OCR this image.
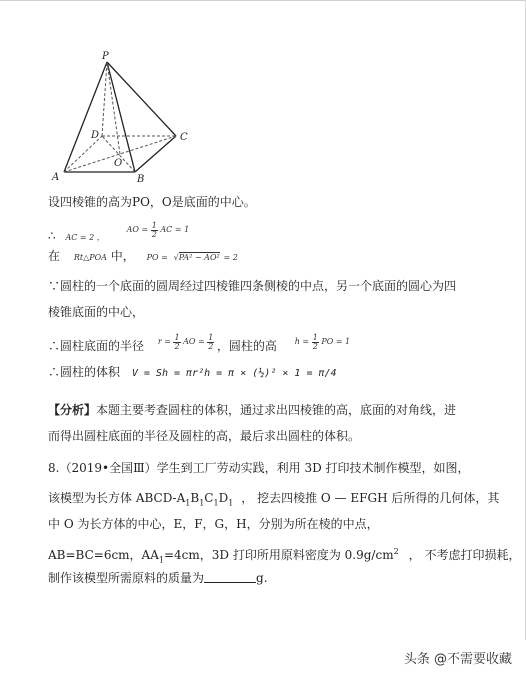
P
D	C
A	B
O
设四棱锥的高为PO，O是底面的中心。
∴ AC = 2 ， $^{AO = \frac{1}{2} AC = 1}$
在 Rt△POA 中， PO = √PA² − AO² = 2
∵圆柱的一个底面的圆周经过四棱锥四条侧棱的中点，另一个底面的圆心为四
棱锥底面的中心，
∴圆柱底面的半径 $^{r = \frac{1}{2} AO = \frac{1}{2}}$ ，圆柱的高 $^{h = \frac{1}{2} PO = 1}$
∴圆柱的体积 V = Sh = πr²h = π × (½)² × 1 = π/4
【分析】本题主要考查圆柱的体积，通过求出四棱锥的高，底面的对角线，进
而得出圆柱底面的半径及圆柱的高，最后求出圆柱的体积。
8.（2019•全国Ⅲ）学生到工厂劳动实践，利用 3D 打印技术制作模型，如图，
该模型为长方体 ABCD-$A_1B_1C_1D_1$ ， 挖去四棱推 O — EFGH 后所得的几何体，其
中 O 为长方体的中心，E，F，G，H，分别为所在棱的中点，
AB=BC=6cm，$AA_1=4cm$，3D 打印所用原料密度为 $0.9g/cm^2$ ， 不考虑打印损耗，
制作该模型所需原料的质量为	g.
头条 @不需要收藏
